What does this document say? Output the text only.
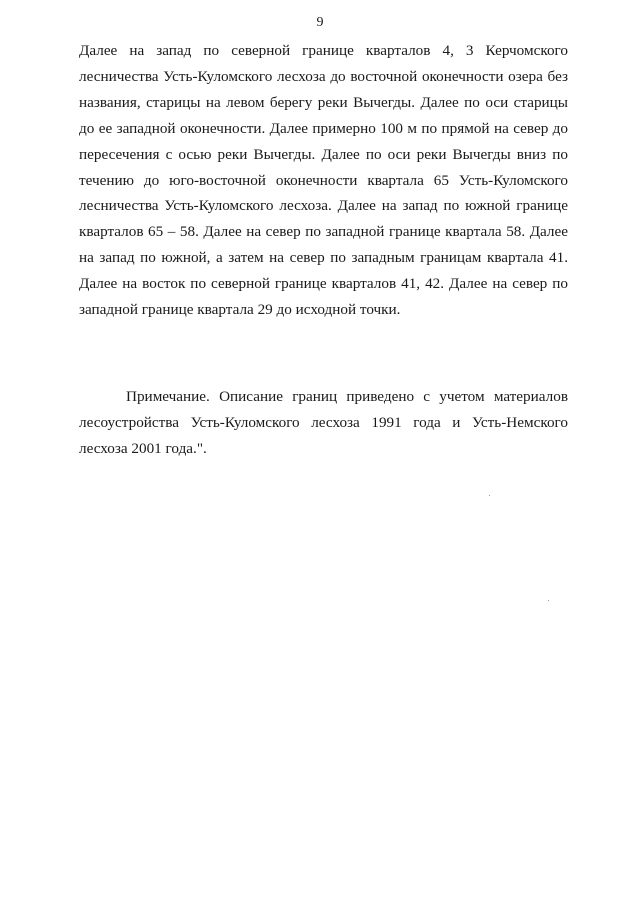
9

Далее на запад по северной границе кварталов 4, 3 Керчомского лесничества Усть-Куломского лесхоза до восточной оконечности озера без названия, старицы на левом берегу реки Вычегды. Далее по оси старицы до ее западной оконечности. Далее примерно 100 м по прямой на север до пересечения с осью реки Вычегды. Далее по оси реки Вычегды вниз по течению до юго-восточной оконечности квартала 65 Усть-Куломского лесничества Усть-Куломского лесхоза. Далее на запад по южной границе кварталов 65 – 58. Далее на север по западной границе квартала 58. Далее на запад по южной, а затем на север по западным границам квартала 41. Далее на восток по северной границе кварталов 41, 42. Далее на север по западной границе квартала 29 до исходной точки.

Примечание. Описание границ приведено с учетом материалов лесоустройства Усть-Куломского лесхоза 1991 года и Усть-Немского лесхоза 2001 года.".
